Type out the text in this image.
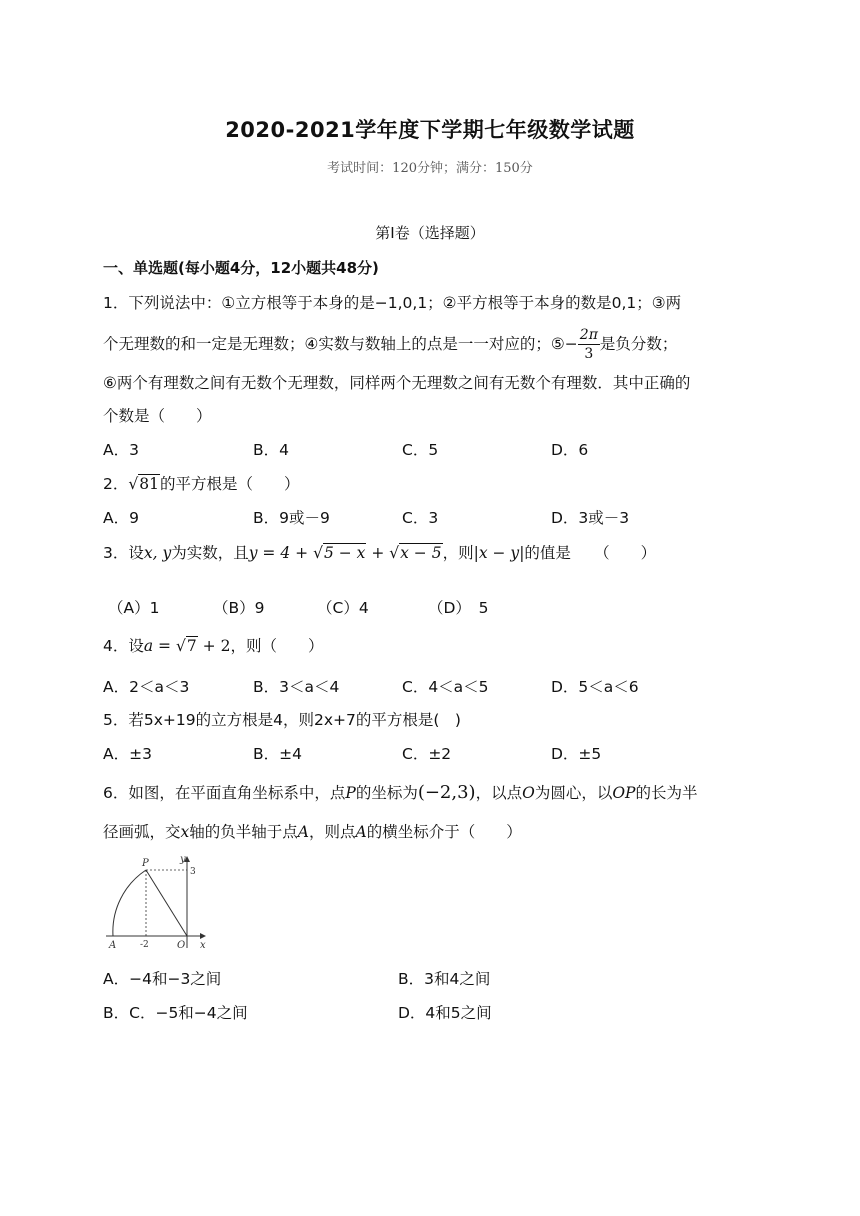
2020-2021学年度下学期七年级数学试题
考试时间：120分钟；满分：150分
第Ⅰ卷（选择题）
一、单选题(每小题4分，12小题共48分)
1．下列说法中：①立方根等于本身的是−1,0,1；②平方根等于本身的数是0,1；③两
个无理数的和一定是无理数；④实数与数轴上的点是一一对应的；⑤− $\frac{2\pi}{3}$ 是负分数；
⑥两个有理数之间有无数个无理数，同样两个无理数之间有无数个有理数．其中正确的
个数是（　　）
A．3	B．4	C．5	D．6
2．√81的平方根是（　　）
A．9	B．9或－9	C．3	D．3或－3
3．设x, y为实数，且y = 4 + √5 − x + √x − 5，则|x − y|的值是　　（　　）
（A）1	（B）9	（C）4	（D）　5
4．设a = √7 + 2，则（　　）
A．2＜a＜3	B．3＜a＜4	C．4＜a＜5	D．5＜a＜6
5．若5x+19的立方根是4，则2x+7的平方根是(　)
A．±3	B．±4	C．±2	D．±5
6．如图，在平面直角坐标系中，点P的坐标为(−2,3)，以点O为圆心，以OP的长为半
径画弧，交x轴的负半轴于点A，则点A的横坐标介于（　　）
P	y
3
A	-2	O x
A．−4和−3之间	B．3和4之间
B．C．−5和−4之间	D．4和5之间
